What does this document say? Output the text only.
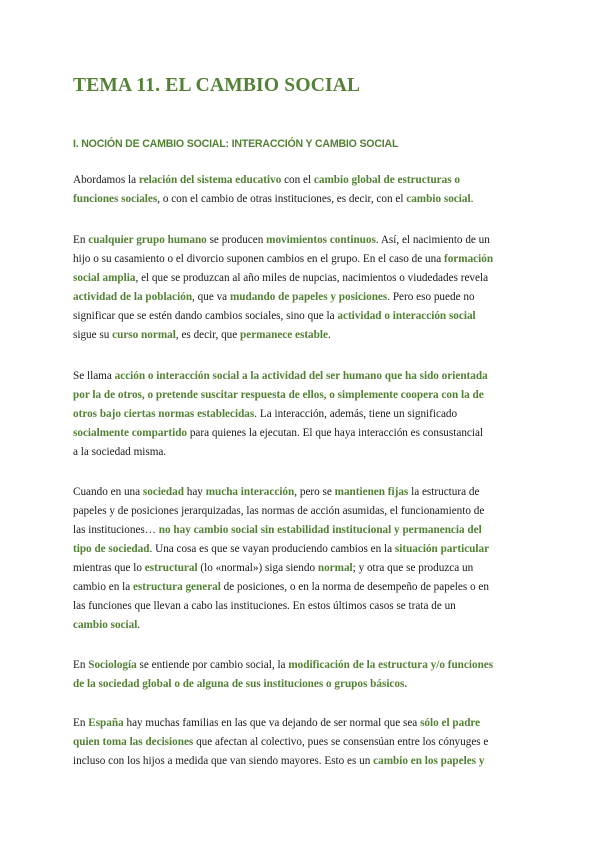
TEMA 11. EL CAMBIO SOCIAL
I. NOCIÓN DE CAMBIO SOCIAL: INTERACCIÓN Y CAMBIO SOCIAL

Abordamos la relación del sistema educativo con el cambio global de estructuras o
funciones sociales, o con el cambio de otras instituciones, es decir, con el cambio social.

En cualquier grupo humano se producen movimientos continuos. Así, el nacimiento de un
hijo o su casamiento o el divorcio suponen cambios en el grupo. En el caso de una formación
social amplia, el que se produzcan al año miles de nupcias, nacimientos o viudedades revela
actividad de la población, que va mudando de papeles y posiciones. Pero eso puede no
significar que se estén dando cambios sociales, sino que la actividad o interacción social
sigue su curso normal, es decir, que permanece estable.

Se llama acción o interacción social a la actividad del ser humano que ha sido orientada
por la de otros, o pretende suscitar respuesta de ellos, o simplemente coopera con la de
otros bajo ciertas normas establecidas. La interacción, además, tiene un significado
socialmente compartido para quienes la ejecutan. El que haya interacción es consustancial
a la sociedad misma.

Cuando en una sociedad hay mucha interacción, pero se mantienen fijas la estructura de
papeles y de posiciones jerarquizadas, las normas de acción asumidas, el funcionamiento de
las instituciones… no hay cambio social sin estabilidad institucional y permanencia del
tipo de sociedad. Una cosa es que se vayan produciendo cambios en la situación particular
mientras que lo estructural (lo «normal») siga siendo normal; y otra que se produzca un
cambio en la estructura general de posiciones, o en la norma de desempeño de papeles o en
las funciones que llevan a cabo las instituciones. En estos últimos casos se trata de un
cambio social.

En Sociología se entiende por cambio social, la modificación de la estructura y/o funciones
de la sociedad global o de alguna de sus instituciones o grupos básicos.

En España hay muchas familias en las que va dejando de ser normal que sea sólo el padre
quien toma las decisiones que afectan al colectivo, pues se consensúan entre los cónyuges e
incluso con los hijos a medida que van siendo mayores. Esto es un cambio en los papeles y
